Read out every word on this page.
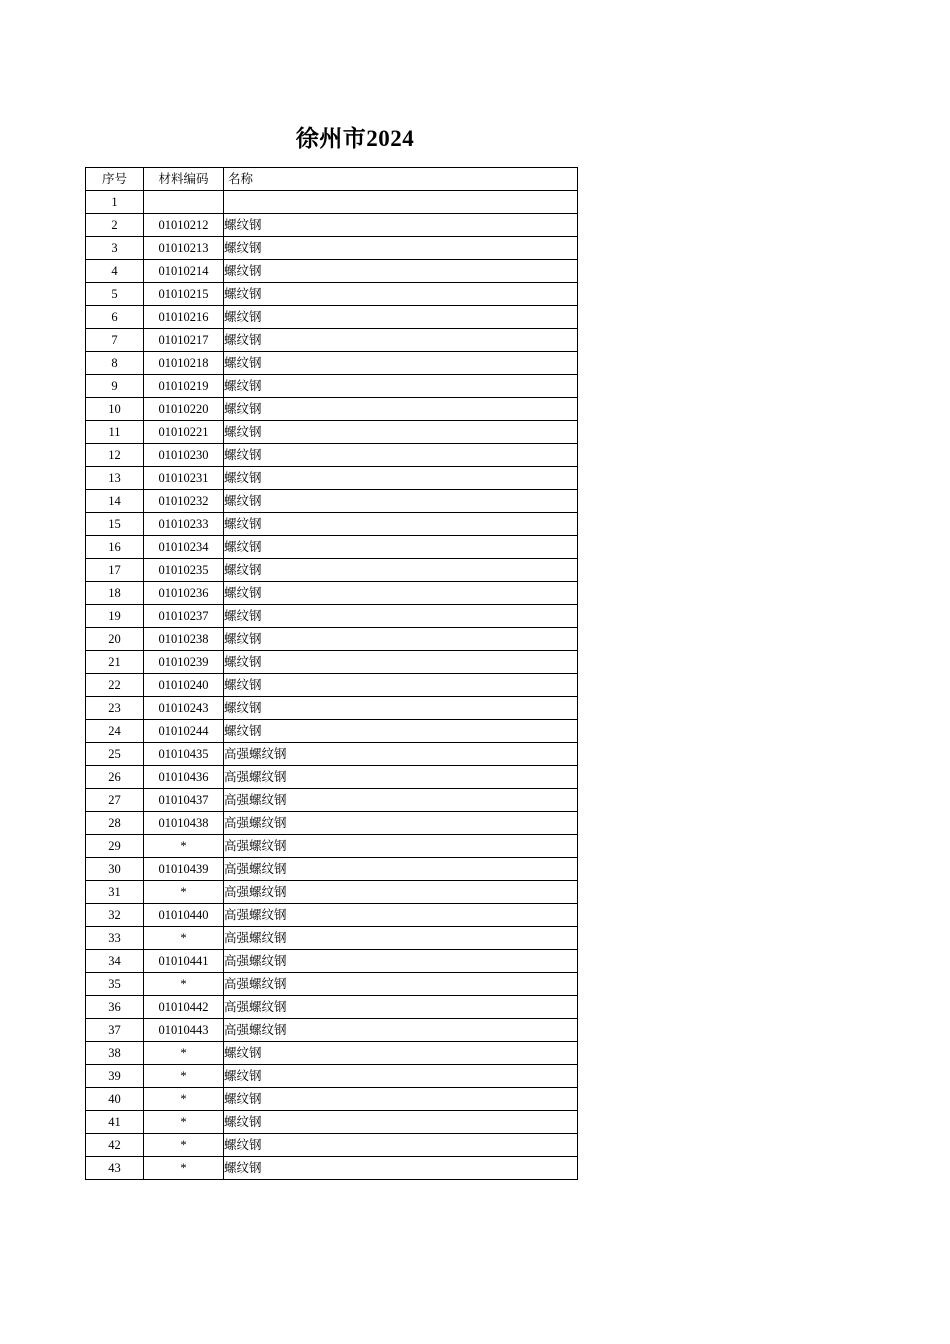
徐州市2024
序号	材料编码	名称
1		
2	01010212	螺纹钢
3	01010213	螺纹钢
4	01010214	螺纹钢
5	01010215	螺纹钢
6	01010216	螺纹钢
7	01010217	螺纹钢
8	01010218	螺纹钢
9	01010219	螺纹钢
10	01010220	螺纹钢
11	01010221	螺纹钢
12	01010230	螺纹钢
13	01010231	螺纹钢
14	01010232	螺纹钢
15	01010233	螺纹钢
16	01010234	螺纹钢
17	01010235	螺纹钢
18	01010236	螺纹钢
19	01010237	螺纹钢
20	01010238	螺纹钢
21	01010239	螺纹钢
22	01010240	螺纹钢
23	01010243	螺纹钢
24	01010244	螺纹钢
25	01010435	高强螺纹钢
26	01010436	高强螺纹钢
27	01010437	高强螺纹钢
28	01010438	高强螺纹钢
29	*	高强螺纹钢
30	01010439	高强螺纹钢
31	*	高强螺纹钢
32	01010440	高强螺纹钢
33	*	高强螺纹钢
34	01010441	高强螺纹钢
35	*	高强螺纹钢
36	01010442	高强螺纹钢
37	01010443	高强螺纹钢
38	*	螺纹钢
39	*	螺纹钢
40	*	螺纹钢
41	*	螺纹钢
42	*	螺纹钢
43	*	螺纹钢
